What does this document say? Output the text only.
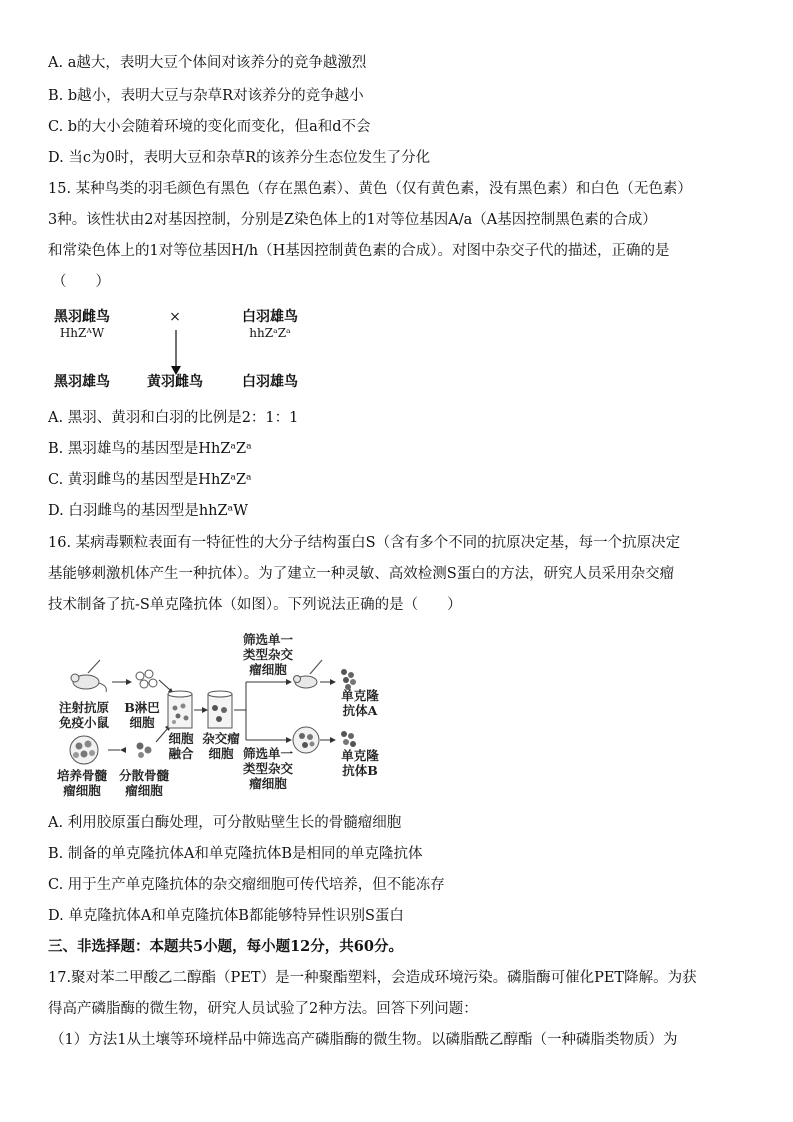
A. a越大，表明大豆个体间对该养分的竞争越激烈
B. b越小，表明大豆与杂草R对该养分的竞争越小
C. b的大小会随着环境的变化而变化，但a和d不会
D. 当c为0时，表明大豆和杂草R的该养分生态位发生了分化
15. 某种鸟类的羽毛颜色有黑色（存在黑色素）、黄色（仅有黄色素，没有黑色素）和白色（无色素）
3种。该性状由2对基因控制，分别是Z染色体上的1对等位基因A/a（A基因控制黑色素的合成）
和常染色体上的1对等位基因H/h（H基因控制黄色素的合成）。对图中杂交子代的描述，正确的是
（　　）
黑羽雌鸟
HhZᴬW
×	白羽雄鸟
hhZᵃZᵃ
黑羽雄鸟	黄羽雌鸟	白羽雄鸟
A. 黑羽、黄羽和白羽的比例是2：1：1
B. 黑羽雄鸟的基因型是HhZᵃZᵃ
C. 黄羽雌鸟的基因型是HhZᵃZᵃ
D. 白羽雌鸟的基因型是hhZᵃW
16. 某病毒颗粒表面有一特征性的大分子结构蛋白S（含有多个不同的抗原决定基，每一个抗原决定
基能够刺激机体产生一种抗体）。为了建立一种灵敏、高效检测S蛋白的方法，研究人员采用杂交瘤
技术制备了抗-S单克隆抗体（如图）。下列说法正确的是（　　）
筛选单一
类型杂交
瘤细胞
注射抗原
免疫小鼠
B淋巴
细胞
细胞
融合
杂交瘤
细胞
单克隆
抗体A
单克隆
抗体B
筛选单一
类型杂交
瘤细胞
培养骨髓
瘤细胞
分散骨髓
瘤细胞
A. 利用胶原蛋白酶处理，可分散贴壁生长的骨髓瘤细胞
B. 制备的单克隆抗体A和单克隆抗体B是相同的单克隆抗体
C. 用于生产单克隆抗体的杂交瘤细胞可传代培养，但不能冻存
D. 单克隆抗体A和单克隆抗体B都能够特异性识别S蛋白
三、非选择题：本题共5小题，每小题12分，共60分。
17.聚对苯二甲酸乙二醇酯（PET）是一种聚酯塑料，会造成环境污染。磷脂酶可催化PET降解。为获
得高产磷脂酶的微生物，研究人员试验了2种方法。回答下列问题：
（1）方法1从土壤等环境样品中筛选高产磷脂酶的微生物。以磷脂酰乙醇酯（一种磷脂类物质）为
